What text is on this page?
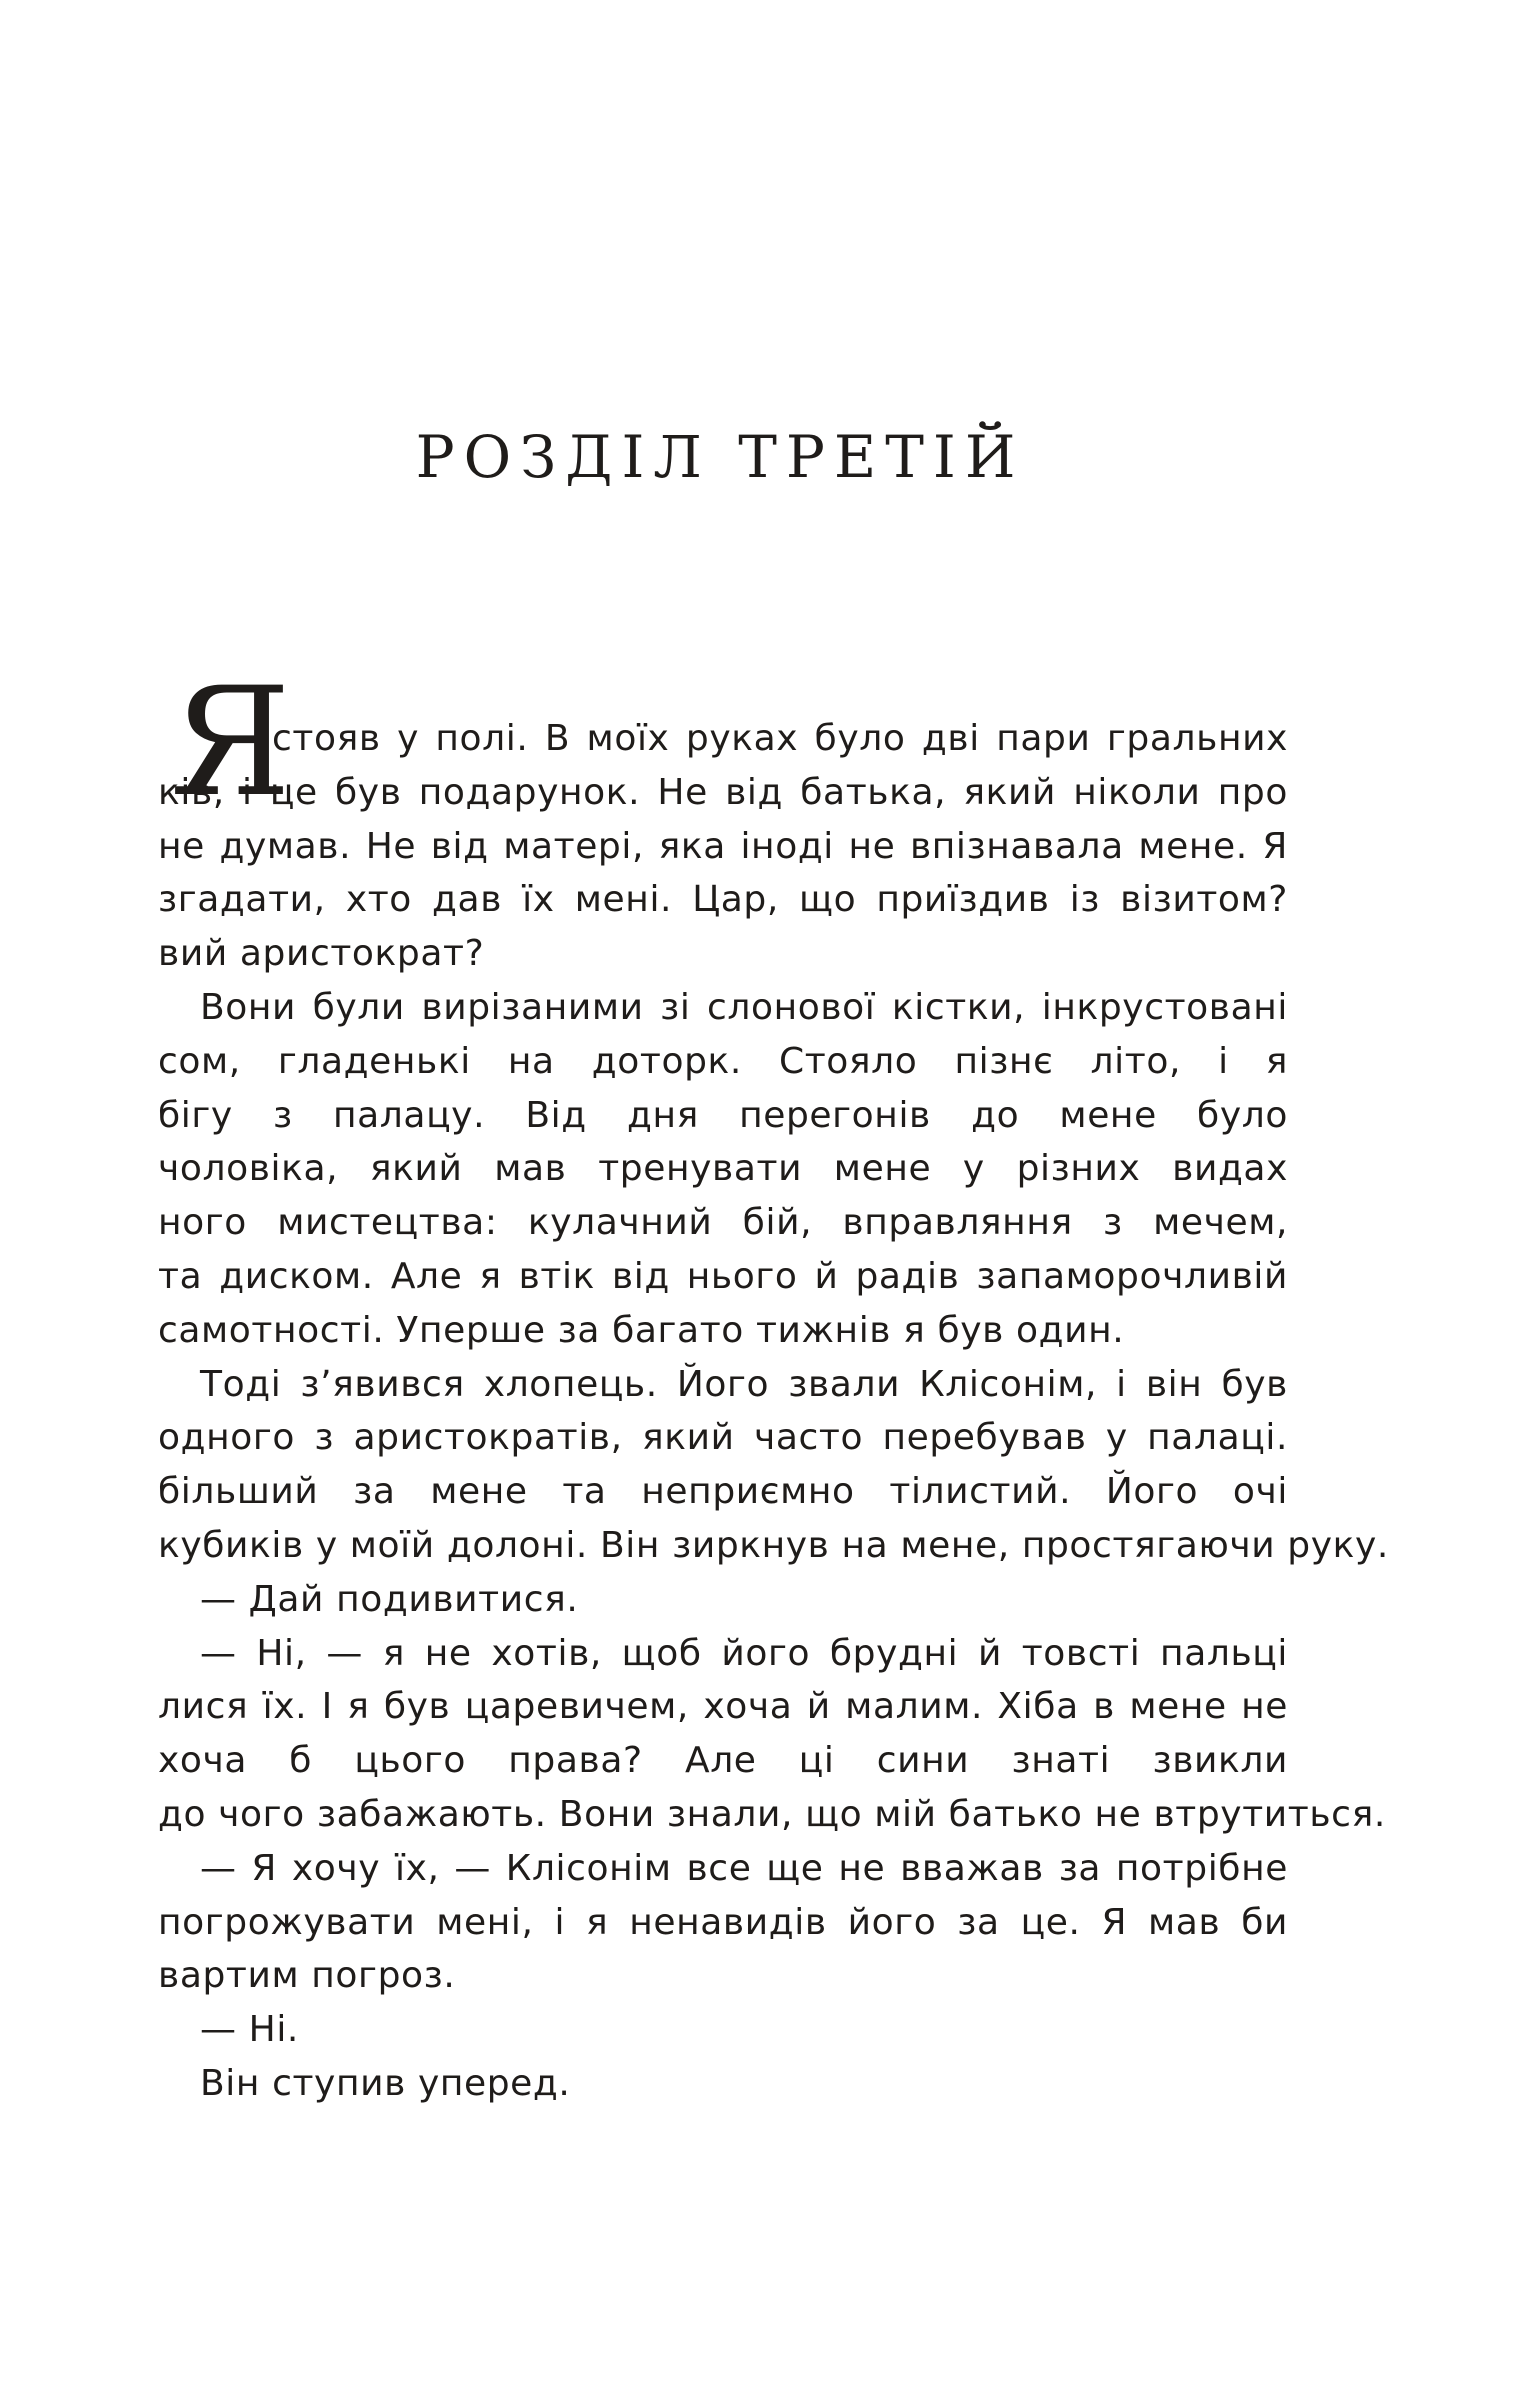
РОЗДІЛ ТРЕТІЙ
Я
стояв у полі. В моїх руках було дві пари гральних
ків, і це був подарунок. Не від батька, який ніколи про
не думав. Не від матері, яка іноді не впізнавала мене. Я
згадати, хто дав їх мені. Цар, що приїздив із візитом?
вий аристократ?
Вони були вирізаними зі слонової кістки, інкрустовані
сом, гладенькі на доторк. Стояло пізнє літо, і я
бігу з палацу. Від дня перегонів до мене було
чоловіка, який мав тренувати мене у різних видах
ного мистецтва: кулачний бій, вправляння з мечем,
та диском. Але я втік від нього й радів запаморочливій
самотності. Уперше за багато тижнів я був один.
Тоді з’явився хлопець. Його звали Клісонім, і він був
одного з аристократів, який часто перебував у палаці.
більший за мене та неприємно тілистий. Його очі
кубиків у моїй долоні. Він зиркнув на мене, простягаючи руку.
— Дай подивитися.
— Ні, — я не хотів, щоб його брудні й товсті пальці
лися їх. І я був царевичем, хоча й малим. Хіба в мене не
хоча б цього права? Але ці сини знаті звикли
до чого забажають. Вони знали, що мій батько не втрутиться.
— Я хочу їх, — Клісонім все ще не вважав за потрібне
погрожувати мені, і я ненавидів його за це. Я мав би
вартим погроз.
— Ні.
Він ступив уперед.
